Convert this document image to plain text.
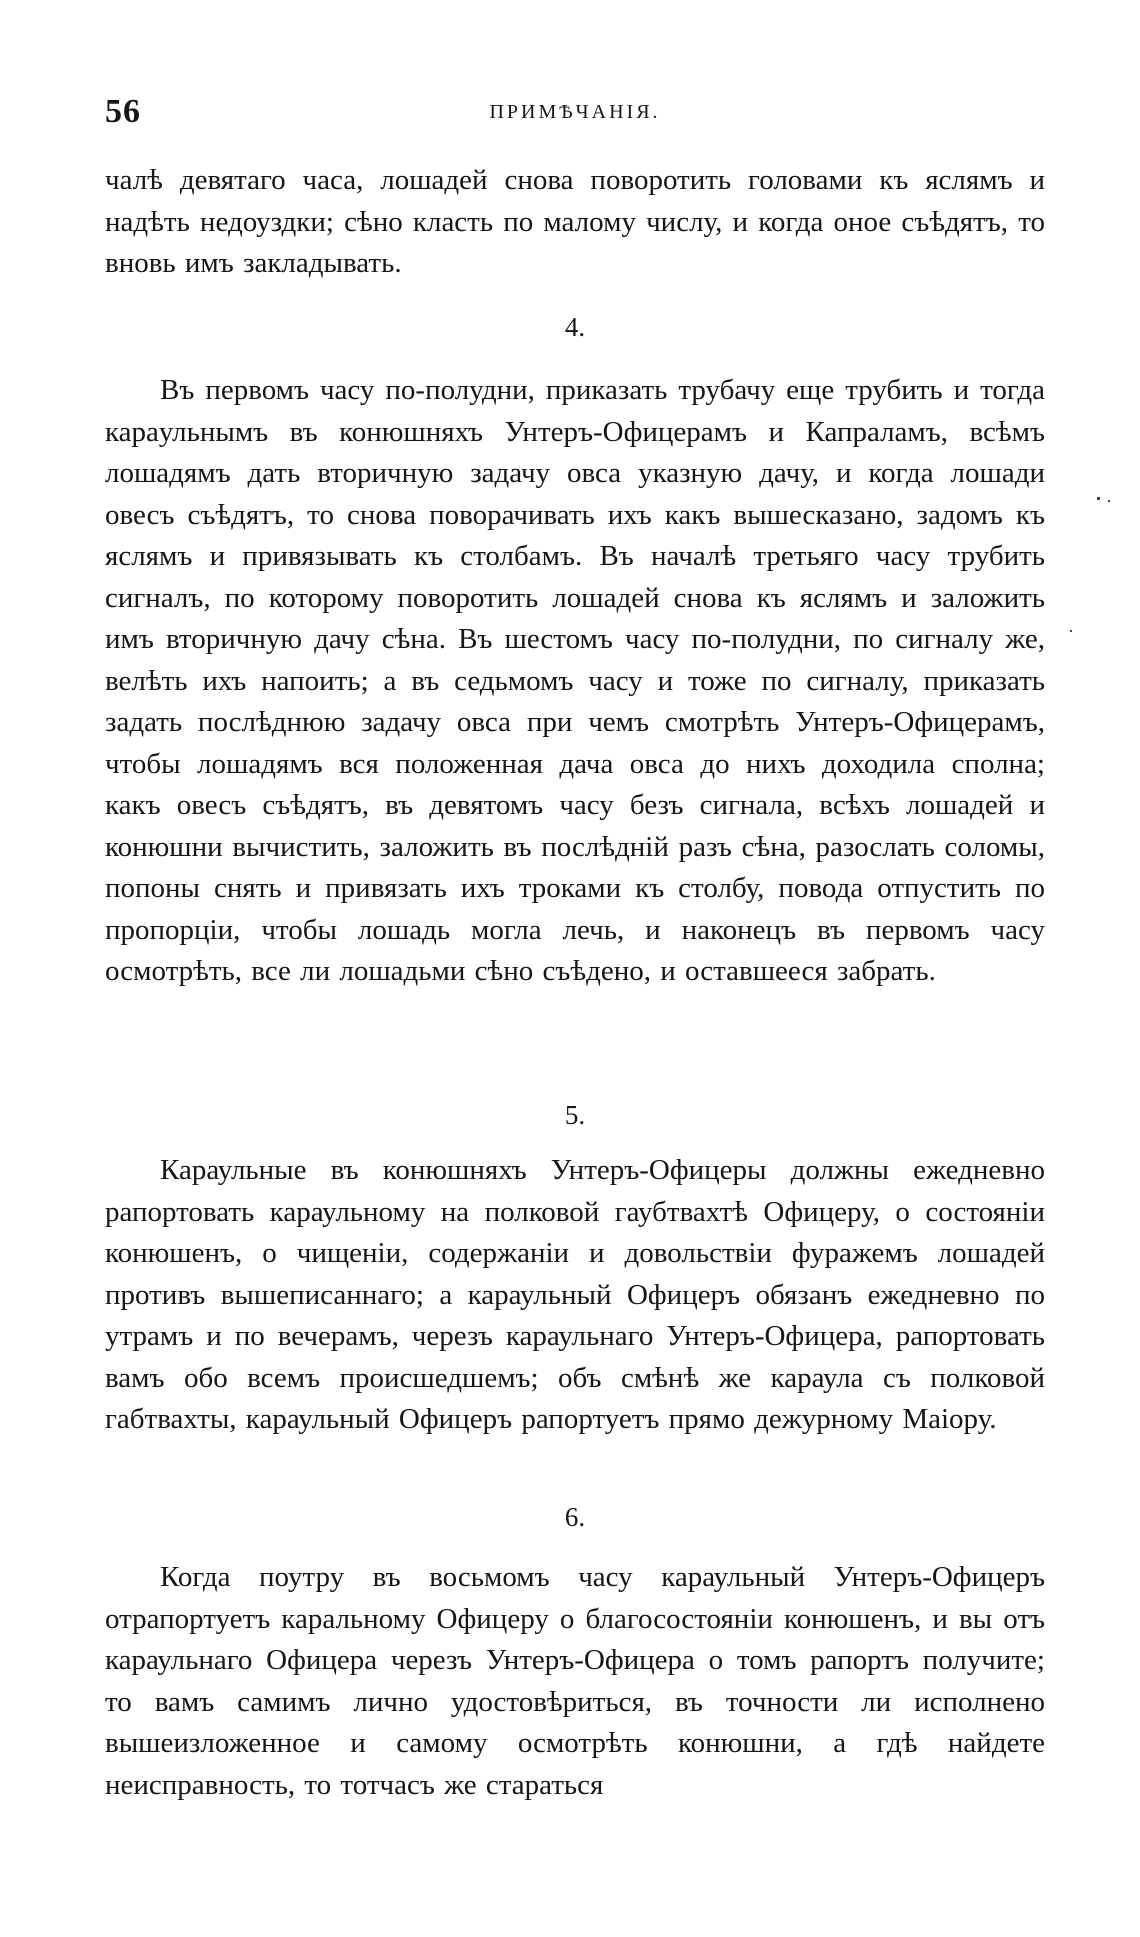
56	ПРИМѢЧАНІЯ.

чалѣ девятаго часа, лошадей снова поворотить головами къ яслямъ и надѣть недоуздки; сѣно класть по малому числу, и когда оное съѣдятъ, то вновь имъ закладывать.

4.

Въ первомъ часу по-полудни, приказать трубачу еще трубить и тогда карaульнымъ въ конюшняхъ Унтеръ-Офицерамъ и Капраламъ, всѣмъ лошадямъ дать вторичную задачу овса указную дачу, и когда лошади овесъ съѣдятъ, то снова поворачивать ихъ какъ вышесказано, задомъ къ яслямъ и привязывать къ столбамъ. Въ началѣ третьяго часу трубить сигналъ, по которому поворотить лошадей снова къ яслямъ и заложить имъ вторичную дачу сѣна. Въ шестомъ часу по-полудни, по сигналу же, велѣть ихъ напоить; а въ седьмомъ часу и тоже по сигналу, приказать задать послѣднюю задачу овса при чемъ смотрѣть Унтеръ-Офицерамъ, чтобы лошадямъ вся положенная дача овса до нихъ доходила сполна; какъ овесъ съѣдятъ, въ девятомъ часу безъ сигнала, всѣхъ лошадей и конюшни вычистить, заложить въ послѣдній разъ сѣна, разослать соломы, попоны снять и привязать ихъ троками къ столбу, повода отпустить по пропорціи, чтобы лошадь могла лечь, и наконецъ въ первомъ часу осмотрѣть, все ли лошадьми сѣно съѣдено, и оставшееся забрать.

5.

Караульные въ конюшняхъ Унтеръ-Офицеры должны ежедневно рапортовать караульному на полковой гаубтвахтѣ Офицеру, о состояніи конюшенъ, о чищеніи, содержаніи и довольствіи фуражемъ лошадей противъ вышеписаннаго; а караульный Офицеръ обязанъ ежедневно по утрамъ и по вечерамъ, черезъ караульнаго Унтеръ-Офицера, рапортовать вамъ обо всемъ происшедшемъ; объ смѣнѣ же караула съ полковой габтвахты, караульный Офицеръ рапортуетъ прямо дежурному Маіору.

6.

Когда поутру въ восьмомъ часу караульный Унтеръ-Офицеръ отрапортуетъ каральному Офицеру о благосостояніи конюшенъ, и вы отъ караульнаго Офицера черезъ Унтеръ-Офицера о томъ рапортъ получите; то вамъ самимъ лично удостовѣриться, въ точности ли исполнено вышеизложенное и самому осмотрѣть конюшни, а гдѣ найдете неисправность, то тотчасъ же стараться
